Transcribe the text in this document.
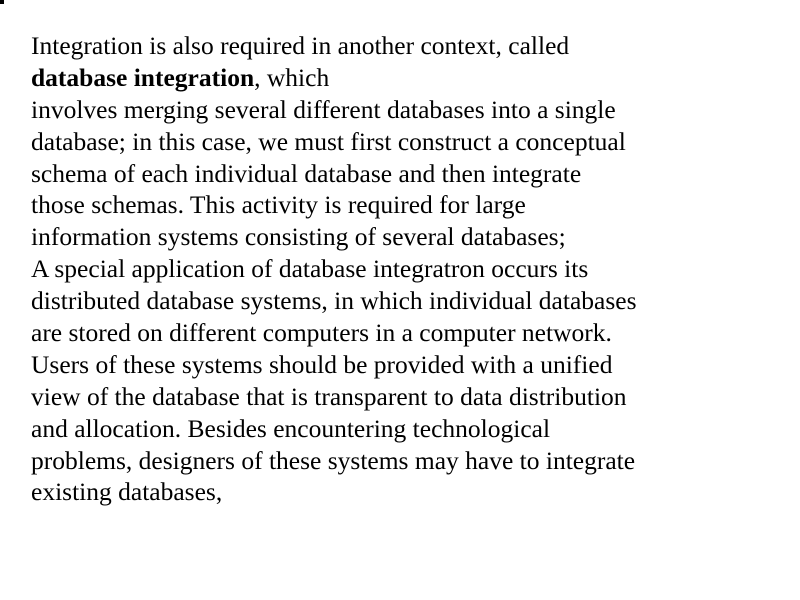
Integration is also required in another context, called
database integration, which
involves merging several different databases into a single
database; in this case, we must first construct a conceptual
schema of each individual database and then integrate
those schemas. This activity is required for large
information systems consisting of several databases;
A special application of database integratron occurs its
distributed database systems, in which individual databases
are stored on different computers in a computer network.
Users of these systems should be provided with a unified
view of the database that is transparent to data distribution
and allocation. Besides encountering technological
problems, designers of these systems may have to integrate
existing databases,
